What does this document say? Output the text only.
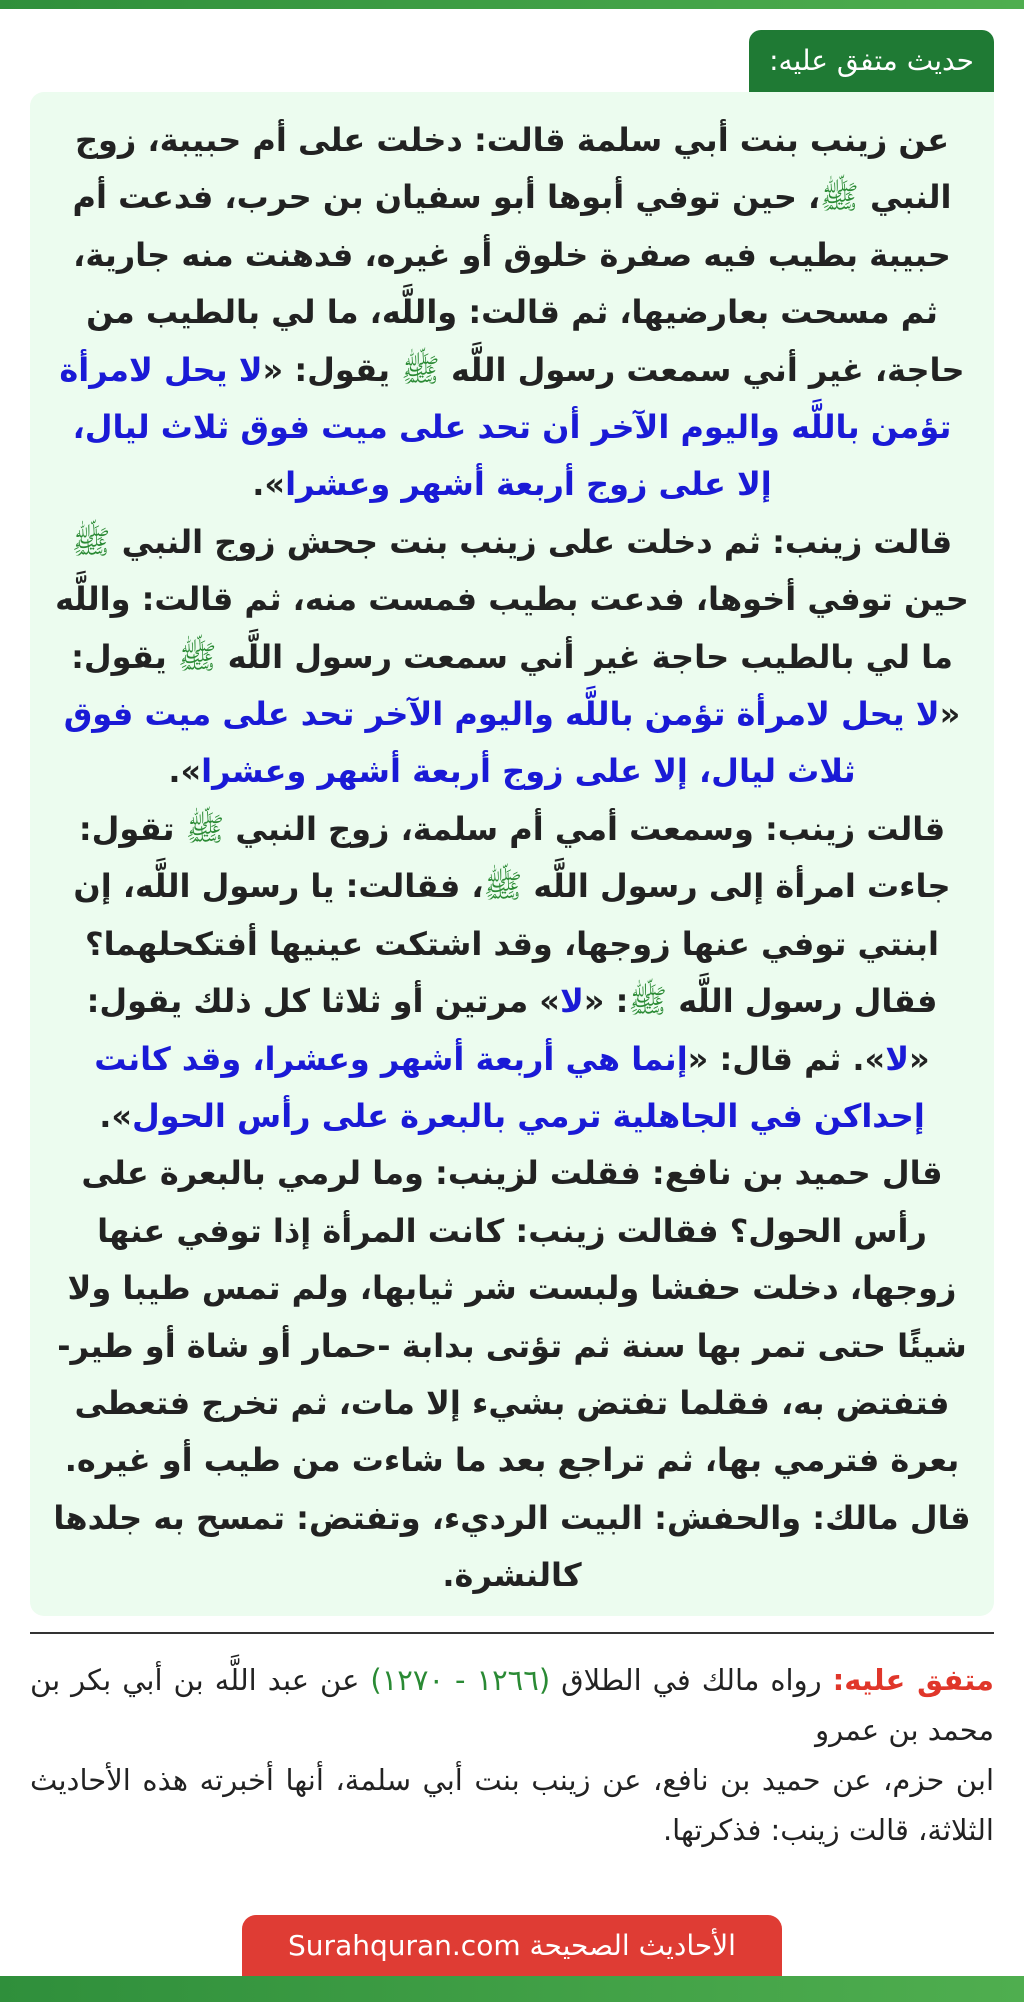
حديث متفق عليه:

عن زينب بنت أبي سلمة قالت: دخلت على أم حبيبة، زوج النبي ﷺ، حين توفي أبوها أبو سفيان بن حرب، فدعت أم حبيبة بطيب فيه صفرة خلوق أو غيره، فدهنت منه جارية، ثم مسحت بعارضيها، ثم قالت: واللَّه، ما لي بالطيب من حاجة، غير أني سمعت رسول اللَّه ﷺ يقول: «لا يحل لامرأة تؤمن باللَّه واليوم الآخر أن تحد على ميت فوق ثلاث ليال، إلا على زوج أربعة أشهر وعشرا».

قالت زينب: ثم دخلت على زينب بنت جحش زوج النبي ﷺ حين توفي أخوها، فدعت بطيب فمست منه، ثم قالت: واللَّه ما لي بالطيب حاجة غير أني سمعت رسول اللَّه ﷺ يقول: «لا يحل لامرأة تؤمن باللَّه واليوم الآخر تحد على ميت فوق ثلاث ليال، إلا على زوج أربعة أشهر وعشرا».

قالت زينب: وسمعت أمي أم سلمة، زوج النبي ﷺ تقول: جاءت امرأة إلى رسول اللَّه ﷺ، فقالت: يا رسول اللَّه، إن ابنتي توفي عنها زوجها، وقد اشتكت عينيها أفتكحلهما؟ فقال رسول اللَّه ﷺ: «لا» مرتين أو ثلاثا كل ذلك يقول: «لا». ثم قال: «إنما هي أربعة أشهر وعشرا، وقد كانت إحداكن في الجاهلية ترمي بالبعرة على رأس الحول».

قال حميد بن نافع: فقلت لزينب: وما لرمي بالبعرة على رأس الحول؟ فقالت زينب: كانت المرأة إذا توفي عنها زوجها، دخلت حفشا ولبست شر ثيابها، ولم تمس طيبا ولا شيئًا حتى تمر بها سنة ثم تؤتى بدابة -حمار أو شاة أو طير- فتفتض به، فقلما تفتض بشيء إلا مات، ثم تخرج فتعطى بعرة فترمي بها، ثم تراجع بعد ما شاءت من طيب أو غيره.

قال مالك: والحفش: البيت الرديء، وتفتض: تمسح به جلدها كالنشرة.

متفق عليه: رواه مالك في الطلاق (١٢٦٦ - ١٢٧٠) عن عبد اللَّه بن أبي بكر بن محمد بن عمرو

ابن حزم، عن حميد بن نافع، عن زينب بنت أبي سلمة، أنها أخبرته هذه الأحاديث الثلاثة، قالت زينب: فذكرتها.

الأحاديث الصحيحة Surahquran.com
